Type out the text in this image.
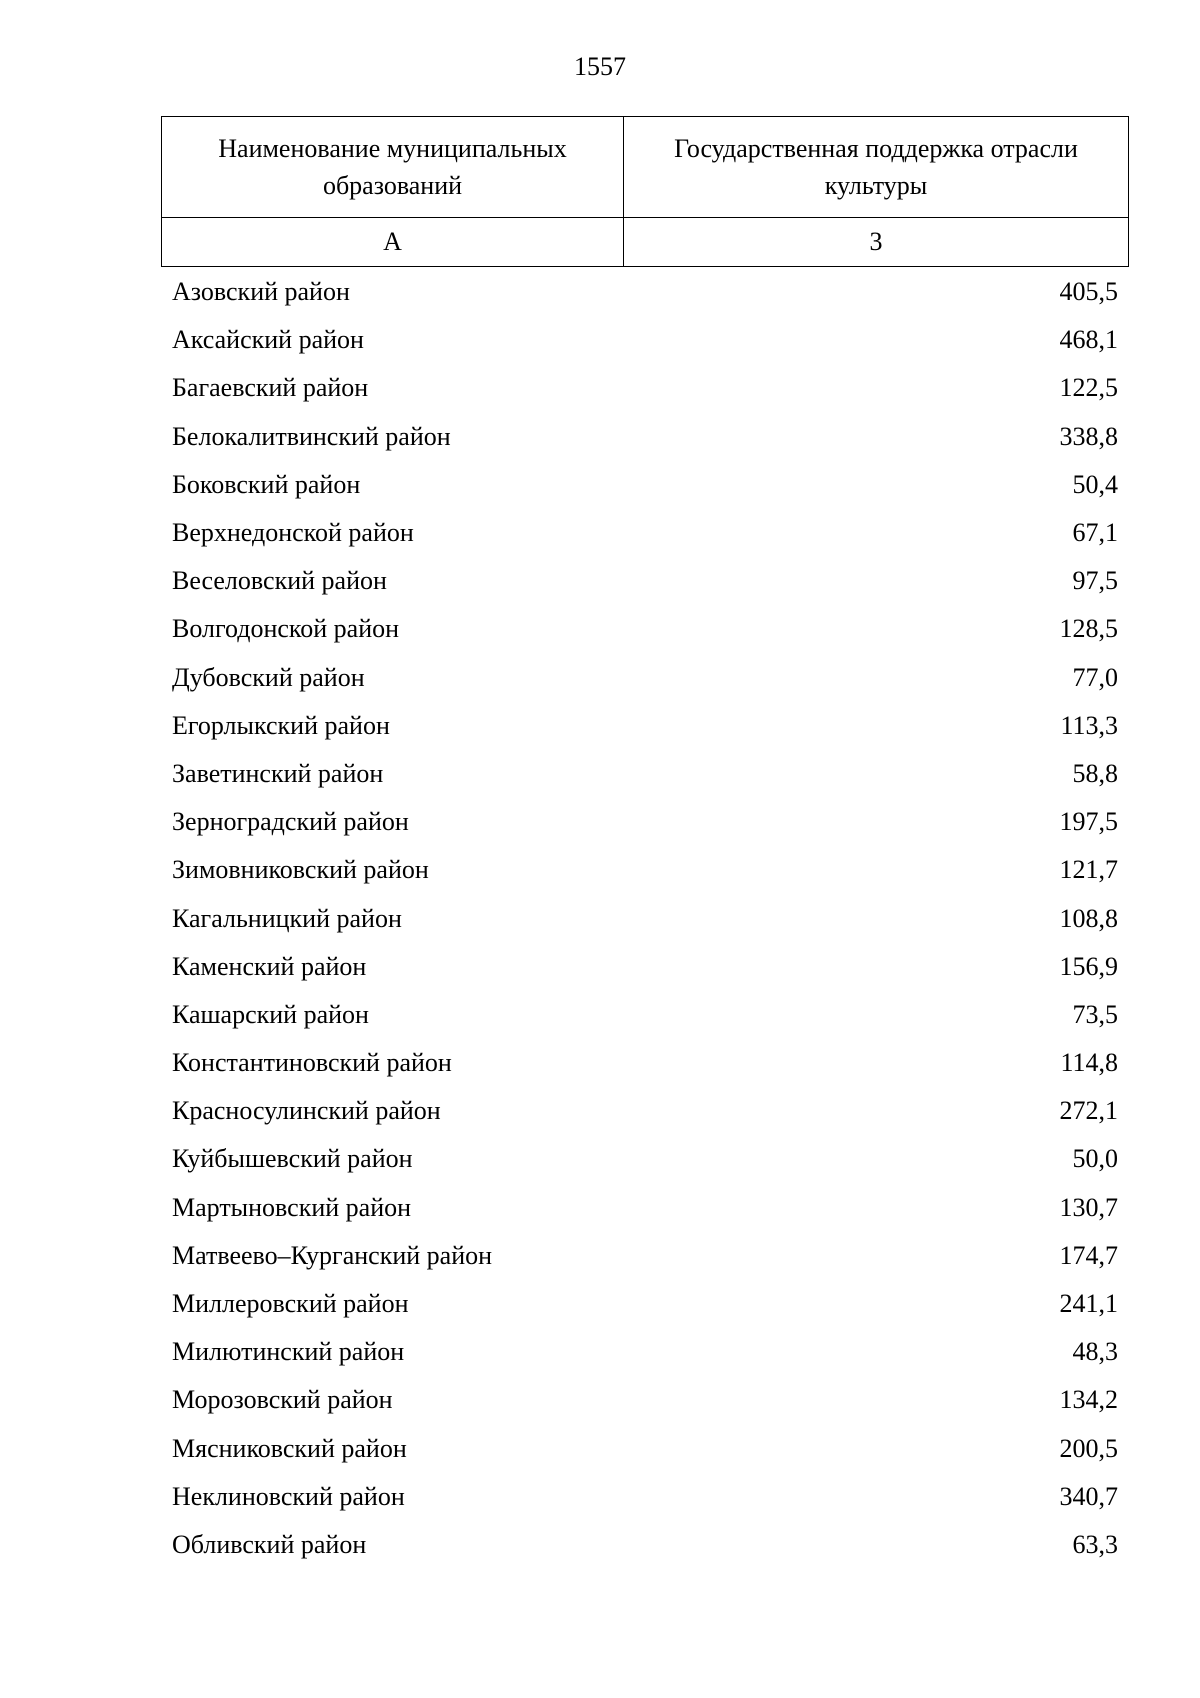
1557
Наименование муниципальных образований	Государственная поддержка отрасли культуры
А	3
Азовский район	405,5
Аксайский район	468,1
Багаевский район	122,5
Белокалитвинский район	338,8
Боковский район	50,4
Верхнедонской район	67,1
Веселовский район	97,5
Волгодонской район	128,5
Дубовский район	77,0
Егорлыкский район	113,3
Заветинский район	58,8
Зерноградский район	197,5
Зимовниковский район	121,7
Кагальницкий район	108,8
Каменский район	156,9
Кашарский район	73,5
Константиновский район	114,8
Красносулинский район	272,1
Куйбышевский район	50,0
Мартыновский район	130,7
Матвеево–Курганский район	174,7
Миллеровский район	241,1
Милютинский район	48,3
Морозовский район	134,2
Мясниковский район	200,5
Неклиновский район	340,7
Обливский район	63,3
